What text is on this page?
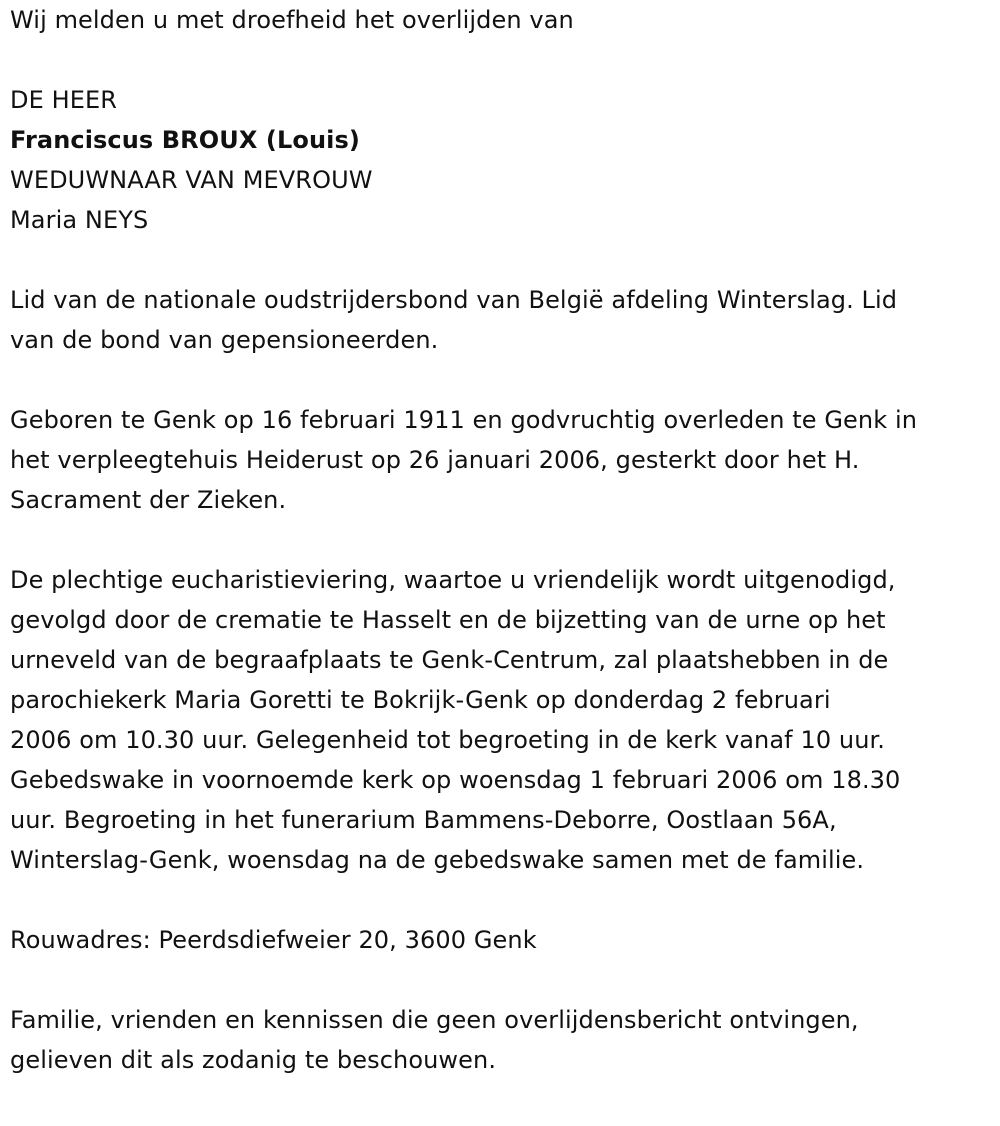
Wij melden u met droefheid het overlijden van

DE HEER

Franciscus BROUX (Louis)

WEDUWNAAR VAN MEVROUW

Maria NEYS

Lid van de nationale oudstrijdersbond van België afdeling Winterslag. Lid

van de bond van gepensioneerden.

Geboren te Genk op 16 februari 1911 en godvruchtig overleden te Genk in

het verpleegtehuis Heiderust op 26 januari 2006, gesterkt door het H.

Sacrament der Zieken.

De plechtige eucharistieviering, waartoe u vriendelijk wordt uitgenodigd,

gevolgd door de crematie te Hasselt en de bijzetting van de urne op het

urneveld van de begraafplaats te Genk-Centrum, zal plaatshebben in de

parochiekerk Maria Goretti te Bokrijk-Genk op donderdag 2 februari

2006 om 10.30 uur. Gelegenheid tot begroeting in de kerk vanaf 10 uur.

Gebedswake in voornoemde kerk op woensdag 1 februari 2006 om 18.30

uur. Begroeting in het funerarium Bammens-Deborre, Oostlaan 56A,

Winterslag-Genk, woensdag na de gebedswake samen met de familie.

Rouwadres: Peerdsdiefweier 20, 3600 Genk

Familie, vrienden en kennissen die geen overlijdensbericht ontvingen,

gelieven dit als zodanig te beschouwen.
